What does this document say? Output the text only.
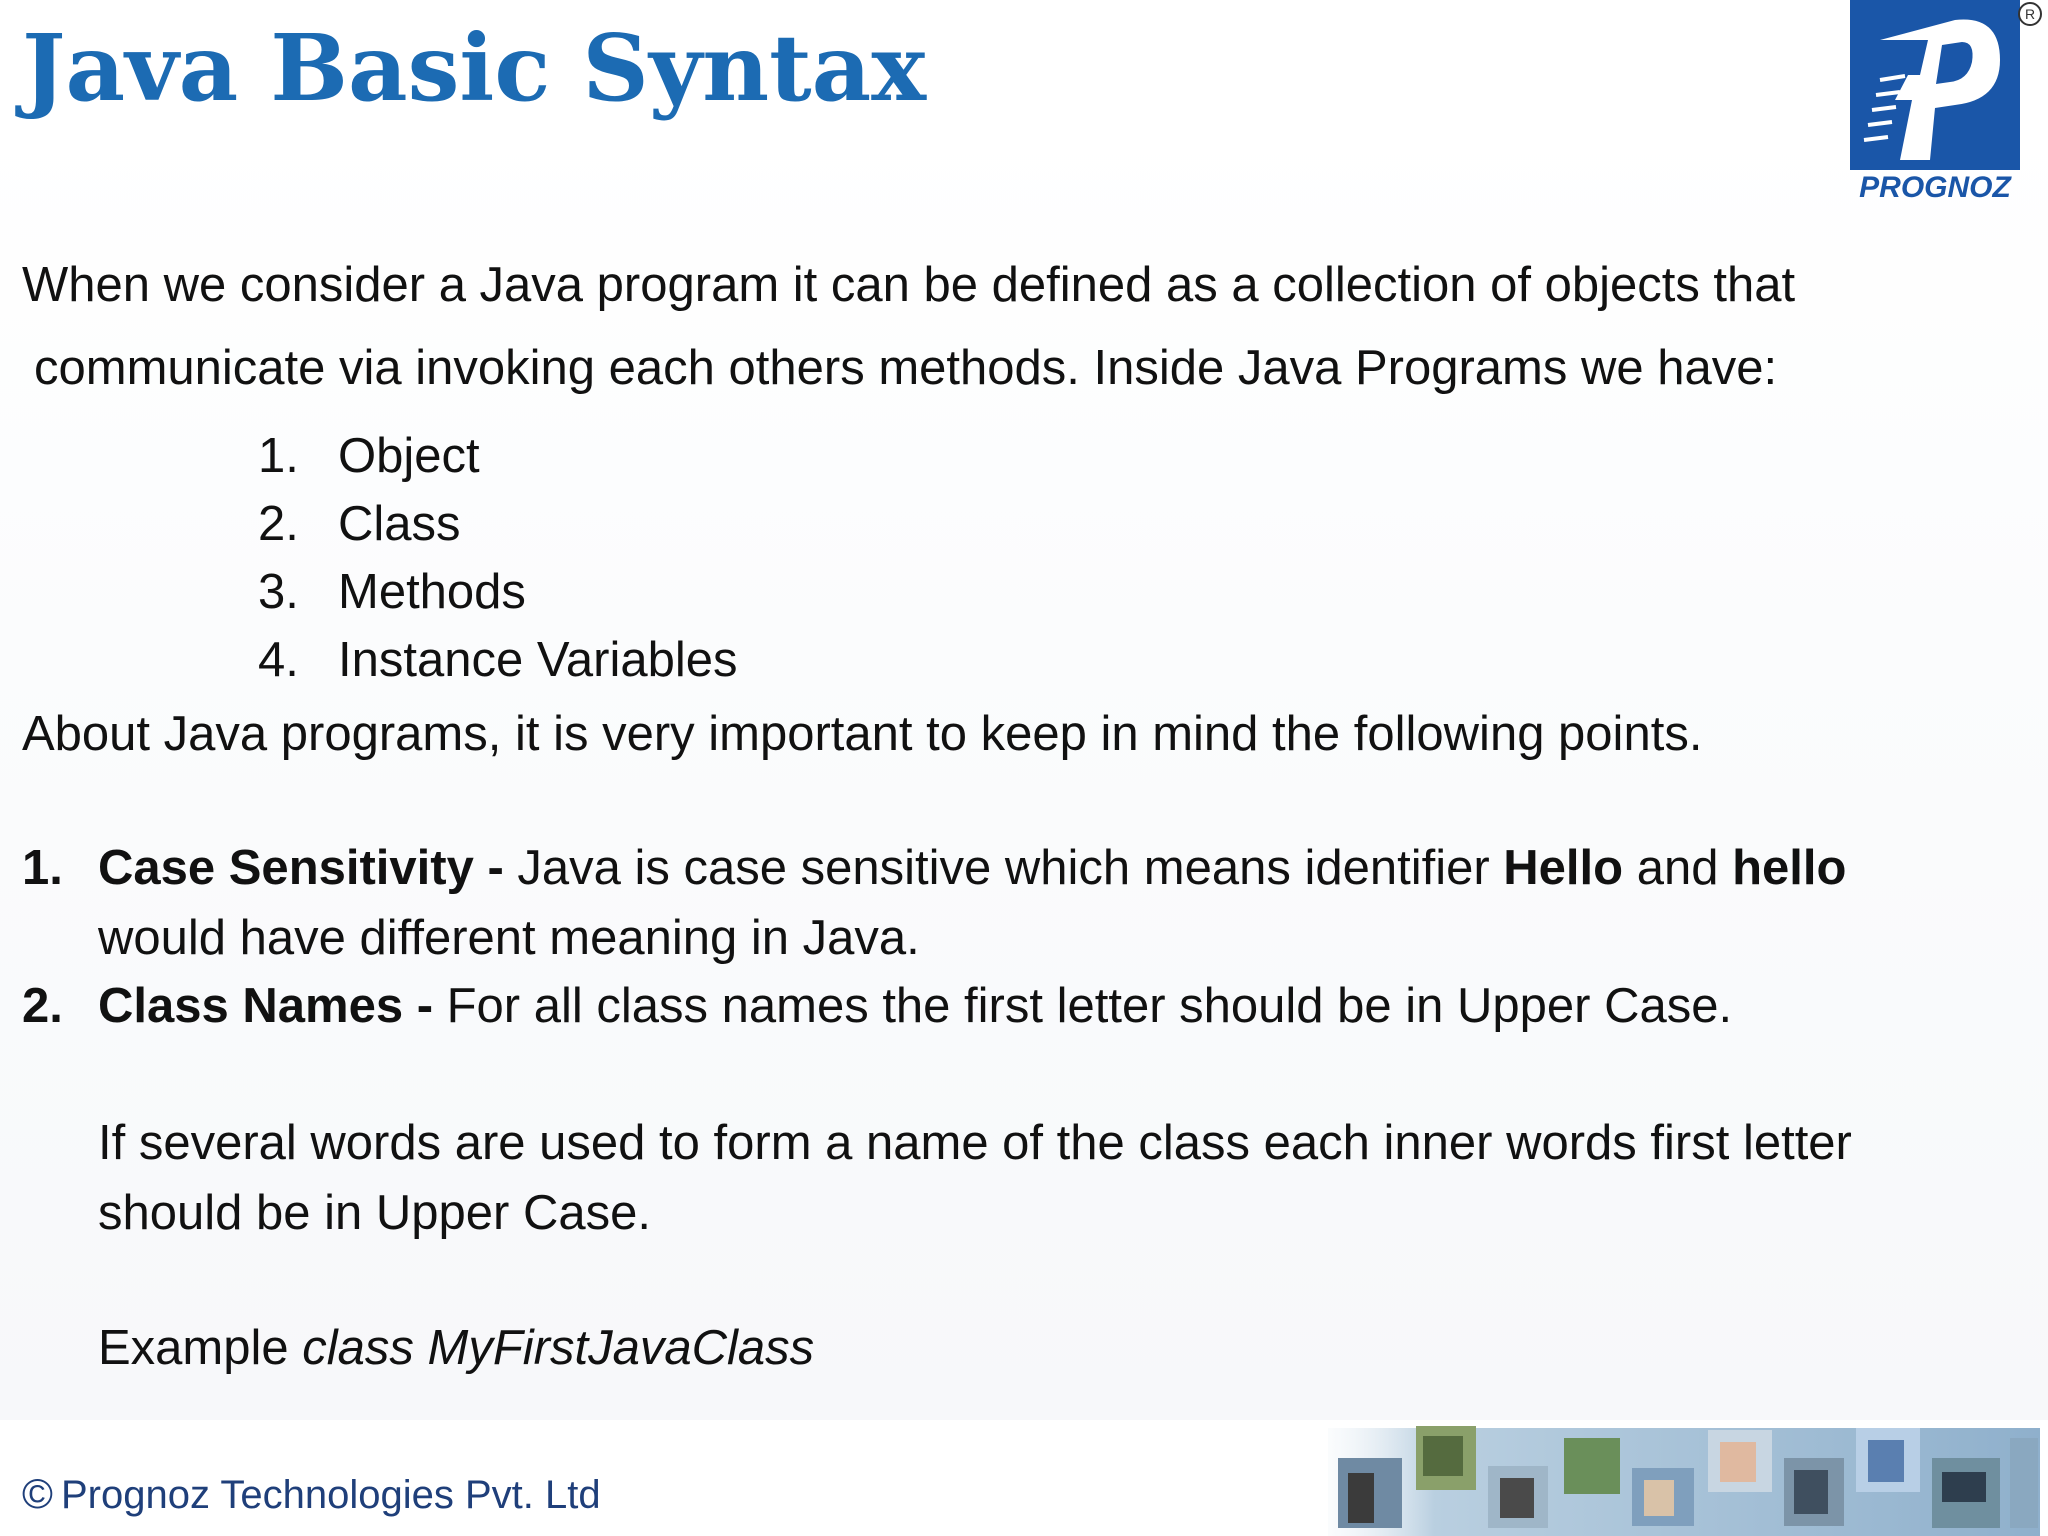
Java Basic Syntax
PROGNOZ
R
When we consider a Java program it can be defined as a collection of objects that
communicate via invoking each others methods. Inside Java Programs we have:
1. Object
2. Class
3. Methods
4. Instance Variables
About Java programs, it is very important to keep in mind the following points.
1. Case Sensitivity - Java is case sensitive which means identifier Hello and hello
would have different meaning in Java.
2. Class Names - For all class names the first letter should be in Upper Case.
If several words are used to form a name of the class each inner words first letter
should be in Upper Case.
Example class MyFirstJavaClass
© Prognoz Technologies Pvt. Ltd
